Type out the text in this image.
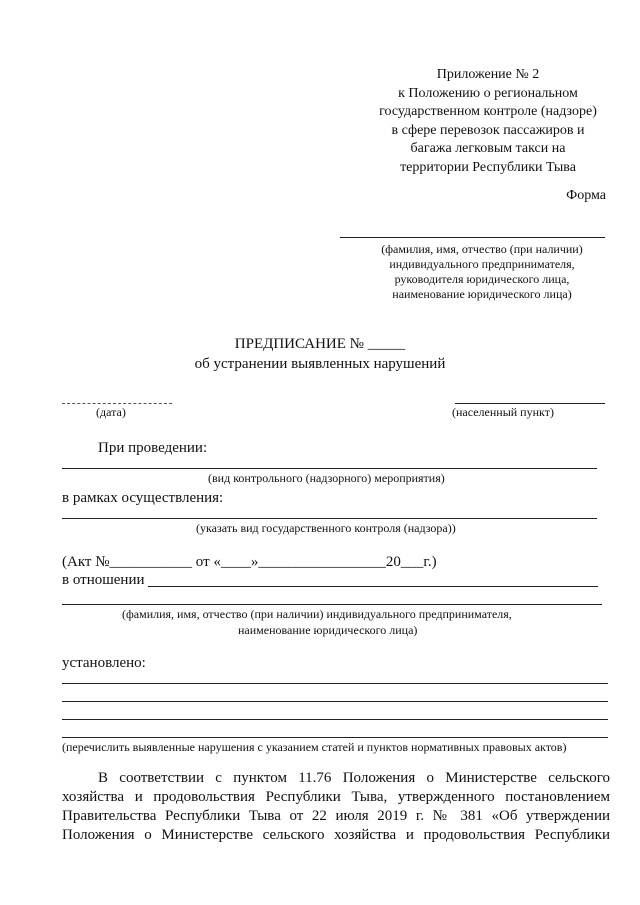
Приложение № 2
к Положению о региональном
государственном контроле (надзоре)
в сфере перевозок пассажиров и
багажа легковым такси на
территории Республики Тыва
Форма
(фамилия, имя, отчество (при наличии)
индивидуального предпринимателя,
руководителя юридического лица,
наименование юридического лица)
ПРЕДПИСАНИЕ № _____
об устранении выявленных нарушений
(дата)	(населенный пункт)
При проведении:
(вид контрольного (надзорного) мероприятия)
в рамках осуществления:
(указать вид государственного контроля (надзора))
(Акт №___________ от «____»_________________20___г.)
в отношении
(фамилия, имя, отчество (при наличии) индивидуального предпринимателя,
наименование юридического лица)
установлено:
(перечислить выявленные нарушения с указанием статей и пунктов нормативных правовых актов)
В соответствии с пунктом 11.76 Положения о Министерстве сельского
хозяйства и продовольствия Республики Тыва, утвержденного постановлением
Правительства Республики Тыва от 22 июля 2019 г. № 381 «Об утверждении
Положения о Министерстве сельского хозяйства и продовольствия Республики
